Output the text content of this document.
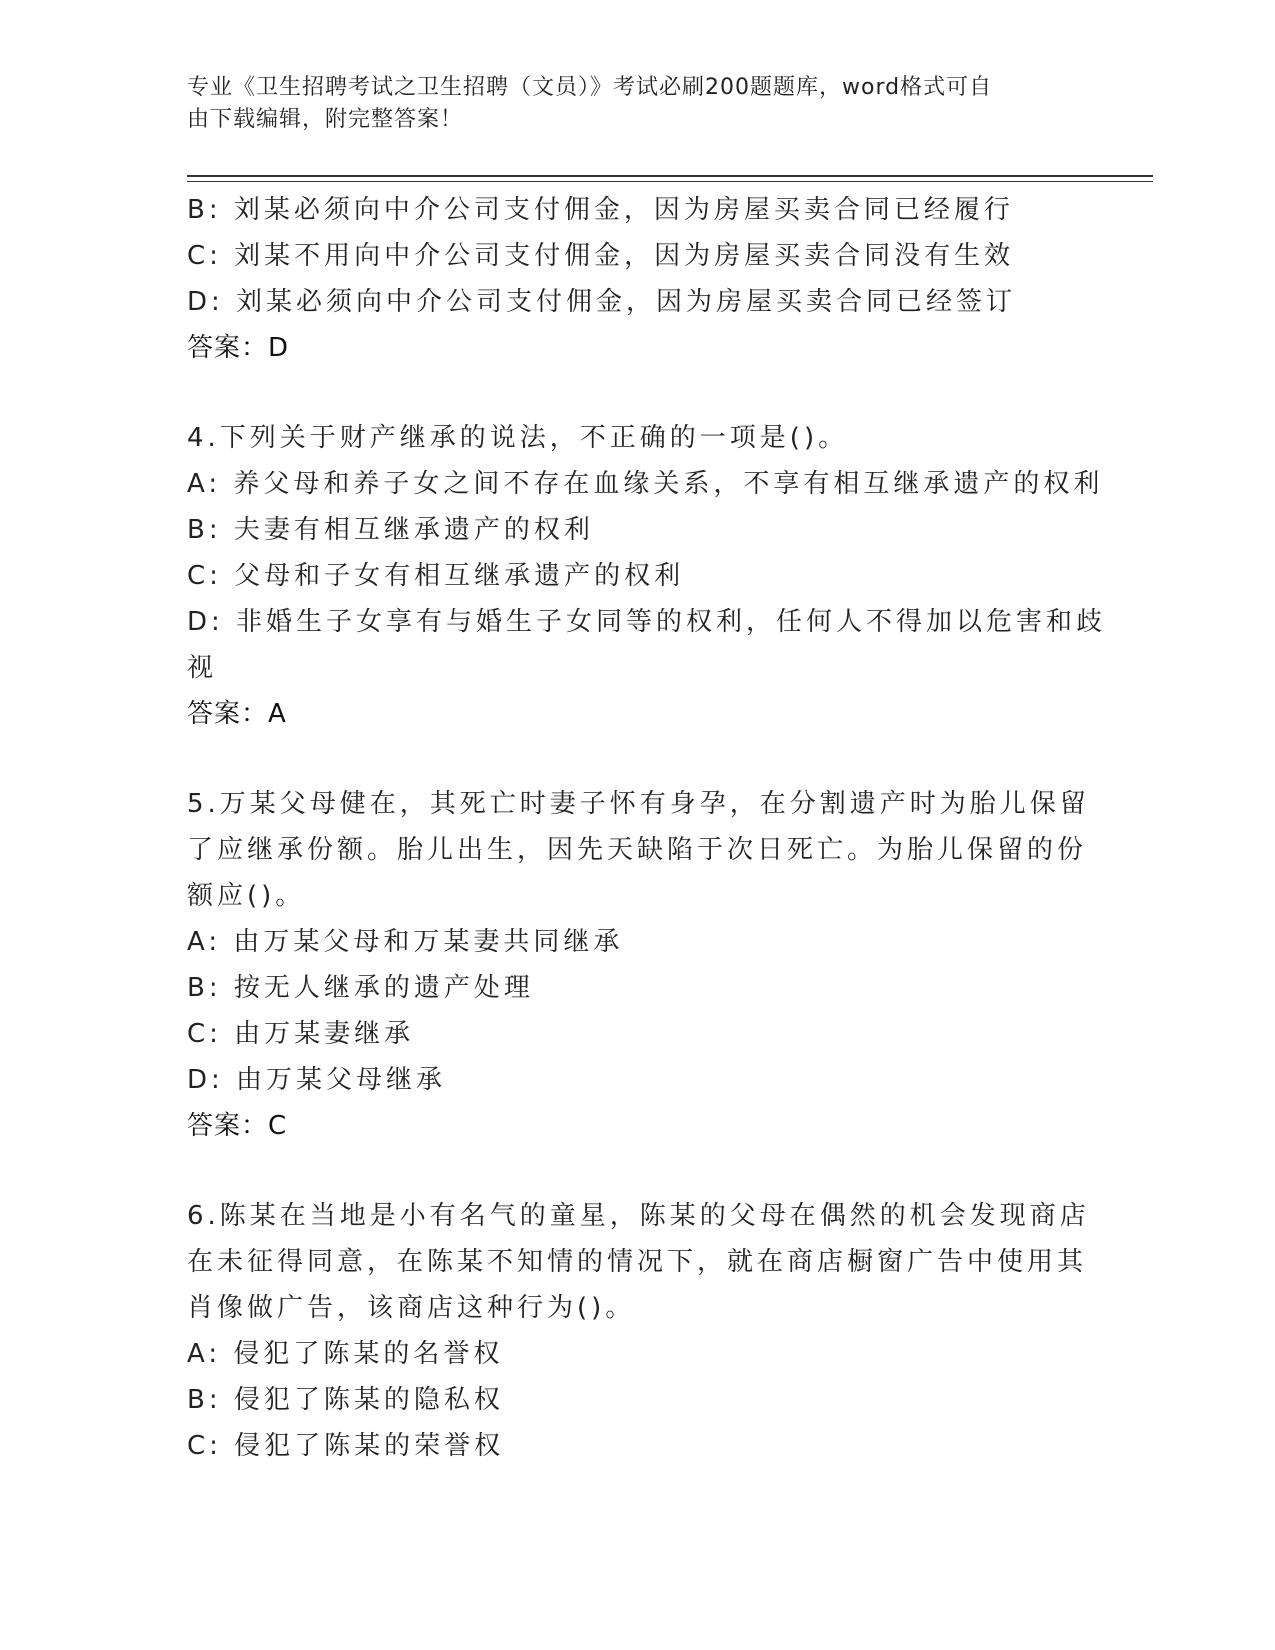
专业《卫生招聘考试之卫生招聘（文员）》考试必刷200题题库，word格式可自
由下载编辑，附完整答案！
B: 刘某必须向中介公司支付佣金，因为房屋买卖合同已经履行
C: 刘某不用向中介公司支付佣金，因为房屋买卖合同没有生效
D: 刘某必须向中介公司支付佣金，因为房屋买卖合同已经签订
答案：D
4.下列关于财产继承的说法，不正确的一项是()。
A: 养父母和养子女之间不存在血缘关系，不享有相互继承遗产的权利
B: 夫妻有相互继承遗产的权利
C: 父母和子女有相互继承遗产的权利
D: 非婚生子女享有与婚生子女同等的权利，任何人不得加以危害和歧
视
答案：A
5.万某父母健在，其死亡时妻子怀有身孕，在分割遗产时为胎儿保留
了应继承份额。胎儿出生，因先天缺陷于次日死亡。为胎儿保留的份
额应()。
A: 由万某父母和万某妻共同继承
B: 按无人继承的遗产处理
C: 由万某妻继承
D: 由万某父母继承
答案：C
6.陈某在当地是小有名气的童星，陈某的父母在偶然的机会发现商店
在未征得同意，在陈某不知情的情况下，就在商店橱窗广告中使用其
肖像做广告，该商店这种行为()。
A: 侵犯了陈某的名誉权
B: 侵犯了陈某的隐私权
C: 侵犯了陈某的荣誉权
